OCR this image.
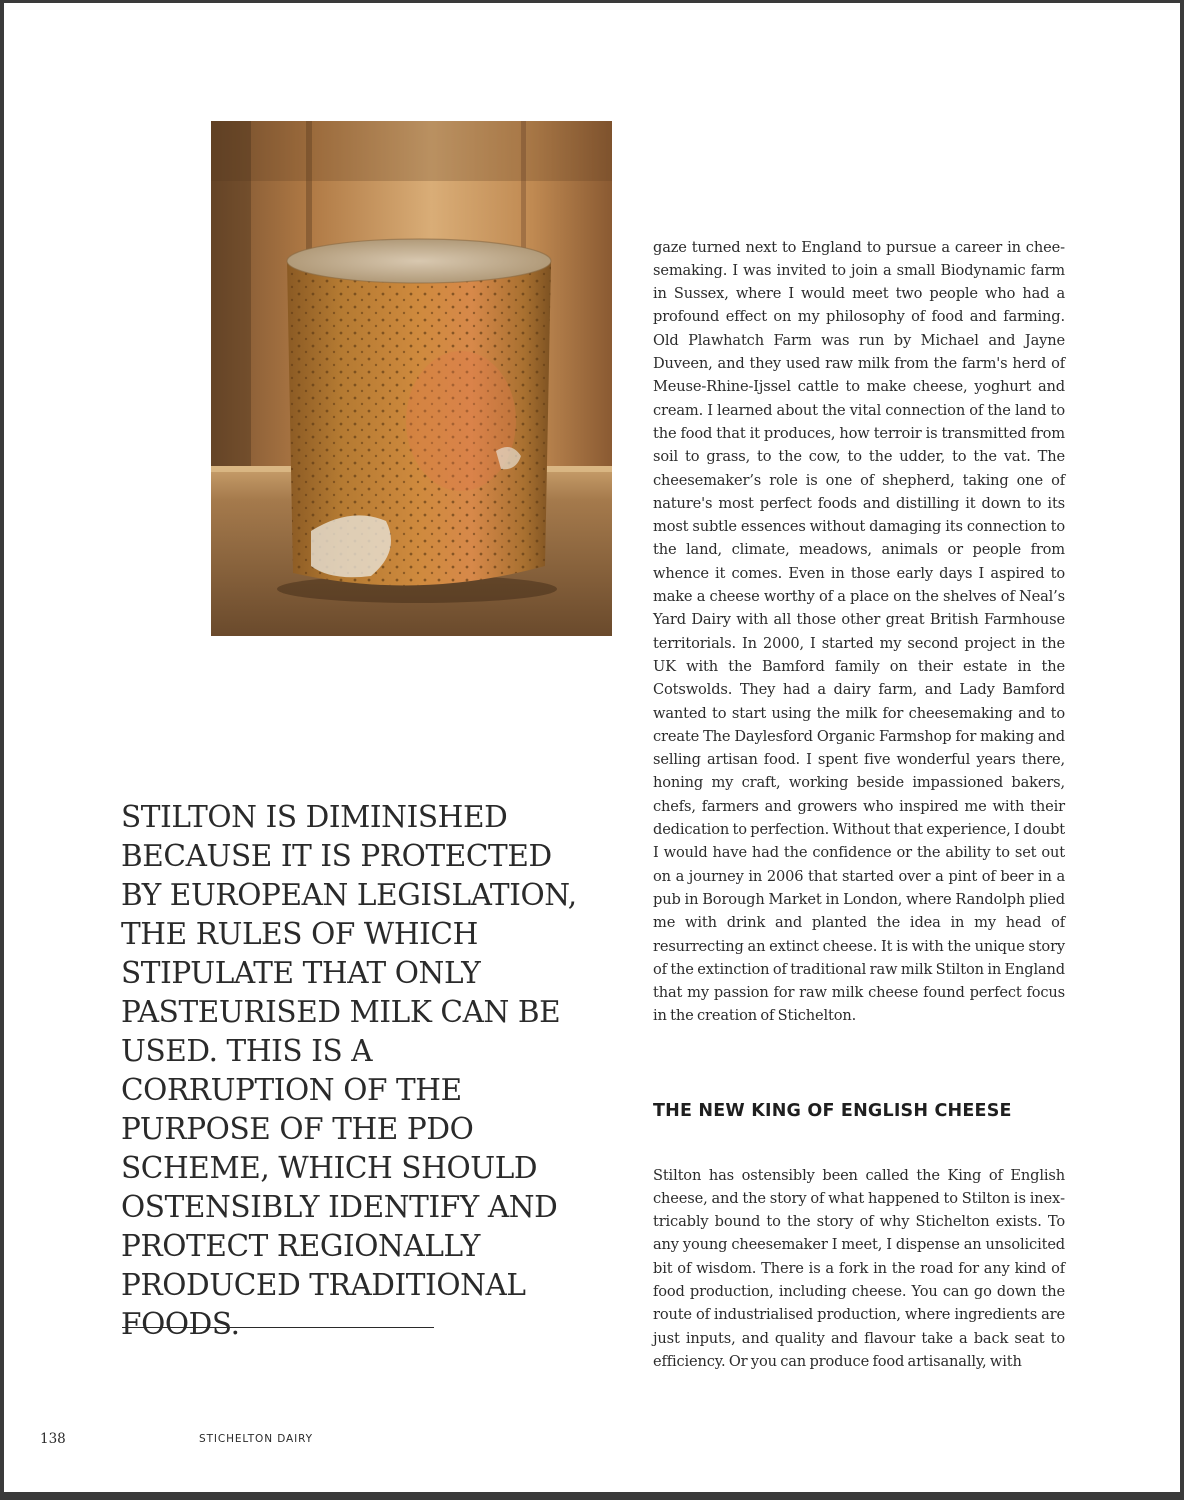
gaze turned next to England to pursue a career in cheesemaking. I was invited to join a small Biodynamic farm in Sussex, where I would meet two people who had a profound effect on my philosophy of food and farming. Old Plawhatch Farm was run by Michael and Jayne Duveen, and they used raw milk from the farm's herd of Meuse-Rhine-Ijssel cattle to make cheese, yoghurt and cream. I learned about the vital connection of the land to the food that it produces, how terroir is transmitted from soil to grass, to the cow, to the udder, to the vat. The cheesemaker’s role is one of shepherd, taking one of nature's most perfect foods and distilling it down to its most subtle essences without damaging its connection to the land, climate, meadows, animals or people from whence it comes. Even in those early days I aspired to make a cheese worthy of a place on the shelves of Neal’s Yard Dairy with all those other great British Farmhouse territorials. In 2000, I started my second project in the UK with the Bamford family on their estate in the Cotswolds. They had a dairy farm, and Lady Bamford wanted to start using the milk for cheesemaking and to create The Daylesford Organic Farmshop for making and selling artisan food. I spent five wonderful years there, honing my craft, working beside impassioned bakers, chefs, farmers and growers who inspired me with their dedication to perfection. Without that experience, I doubt I would have had the confidence or the ability to set out on a journey in 2006 that started over a pint of beer in a pub in Borough Market in London, where Randolph plied me with drink and planted the idea in my head of resurrecting an extinct cheese. It is with the unique story of the extinction of traditional raw milk Stilton in England that my passion for raw milk cheese found perfect focus in the creation of Stichelton.

THE NEW KING OF ENGLISH CHEESE

Stilton has ostensibly been called the King of English cheese, and the story of what happened to Stilton is inextricably bound to the story of why Stichelton exists. To any young cheesemaker I meet, I dispense an unsolicited bit of wisdom. There is a fork in the road for any kind of food production, including cheese. You can go down the route of industrialised production, where ingredients are just inputs, and quality and flavour take a back seat to efficiency. Or you can produce food artisanally, with

STILTON IS DIMINISHED BECAUSE IT IS PROTECTED BY EUROPEAN LEGISLATION, THE RULES OF WHICH STIPULATE THAT ONLY PASTEURISED MILK CAN BE USED. THIS IS A CORRUPTION OF THE PURPOSE OF THE PDO SCHEME, WHICH SHOULD OSTENSIBLY IDENTIFY AND PROTECT REGIONALLY PRODUCED TRADITIONAL FOODS.

138	STICHELTON DAIRY
